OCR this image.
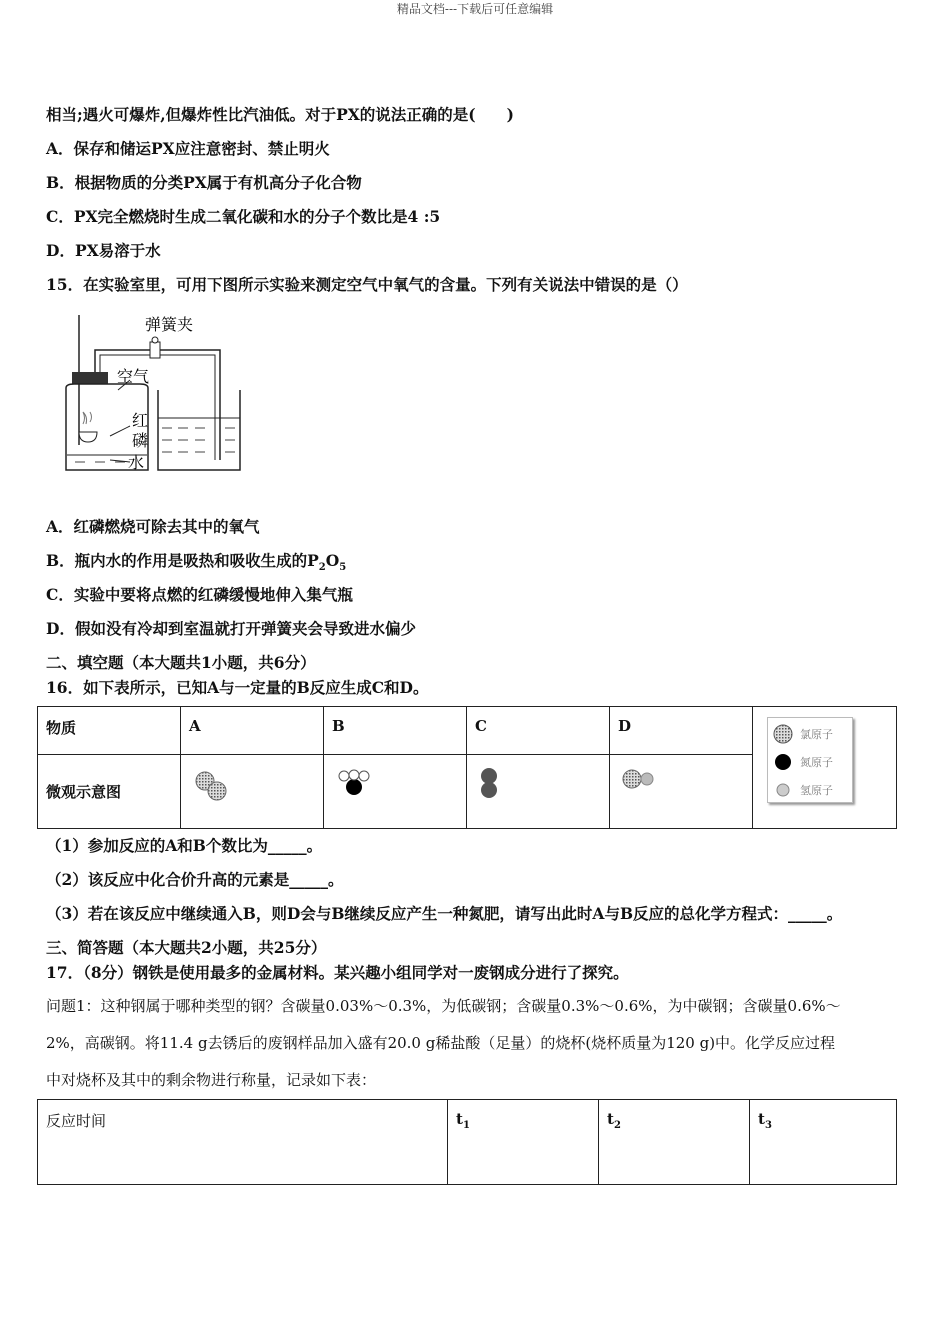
精品文档---下载后可任意编辑
相当;遇火可爆炸,但爆炸性比汽油低。对于PX的说法正确的是(　　)
A．保存和储运PX应注意密封、禁止明火
B．根据物质的分类PX属于有机高分子化合物
C．PX完全燃烧时生成二氧化碳和水的分子个数比是4 :5
D．PX易溶于水
15．在实验室里，可用下图所示实验来测定空气中氧气的含量。下列有关说法中错误的是（）
弹簧夹
空气
红
磷
水
A．红磷燃烧可除去其中的氧气
B．瓶内水的作用是吸热和吸收生成的$P_2O_5$
C．实验中要将点燃的红磷缓慢地伸入集气瓶
D．假如没有冷却到室温就打开弹簧夹会导致进水偏少
二、填空题（本大题共1小题，共6分）
16．如下表所示，已知A与一定量的B反应生成C和D。
物质	A	B	C	D	氯原子
氮原子
氢原子

微观示意图	

（1）参加反应的A和B个数比为_____。
（2）该反应中化合价升高的元素是_____。
（3）若在该反应中继续通入B，则D会与B继续反应产生一种氮肥，请写出此时A与B反应的总化学方程式：_____。
三、简答题（本大题共2小题，共25分）
17．（8分）钢铁是使用最多的金属材料。某兴趣小组同学对一废钢成分进行了探究。
问题1：这种钢属于哪种类型的钢？含碳量0.03%～0.3%，为低碳钢；含碳量0.3%～0.6%，为中碳钢；含碳量0.6%～
2%，高碳钢。将11.4 g去锈后的废钢样品加入盛有20.0 g稀盐酸（足量）的烧杯(烧杯质量为120 g)中。化学反应过程
中对烧杯及其中的剩余物进行称量，记录如下表：
反应时间	$t_1$	$t_2$	$t_3$
